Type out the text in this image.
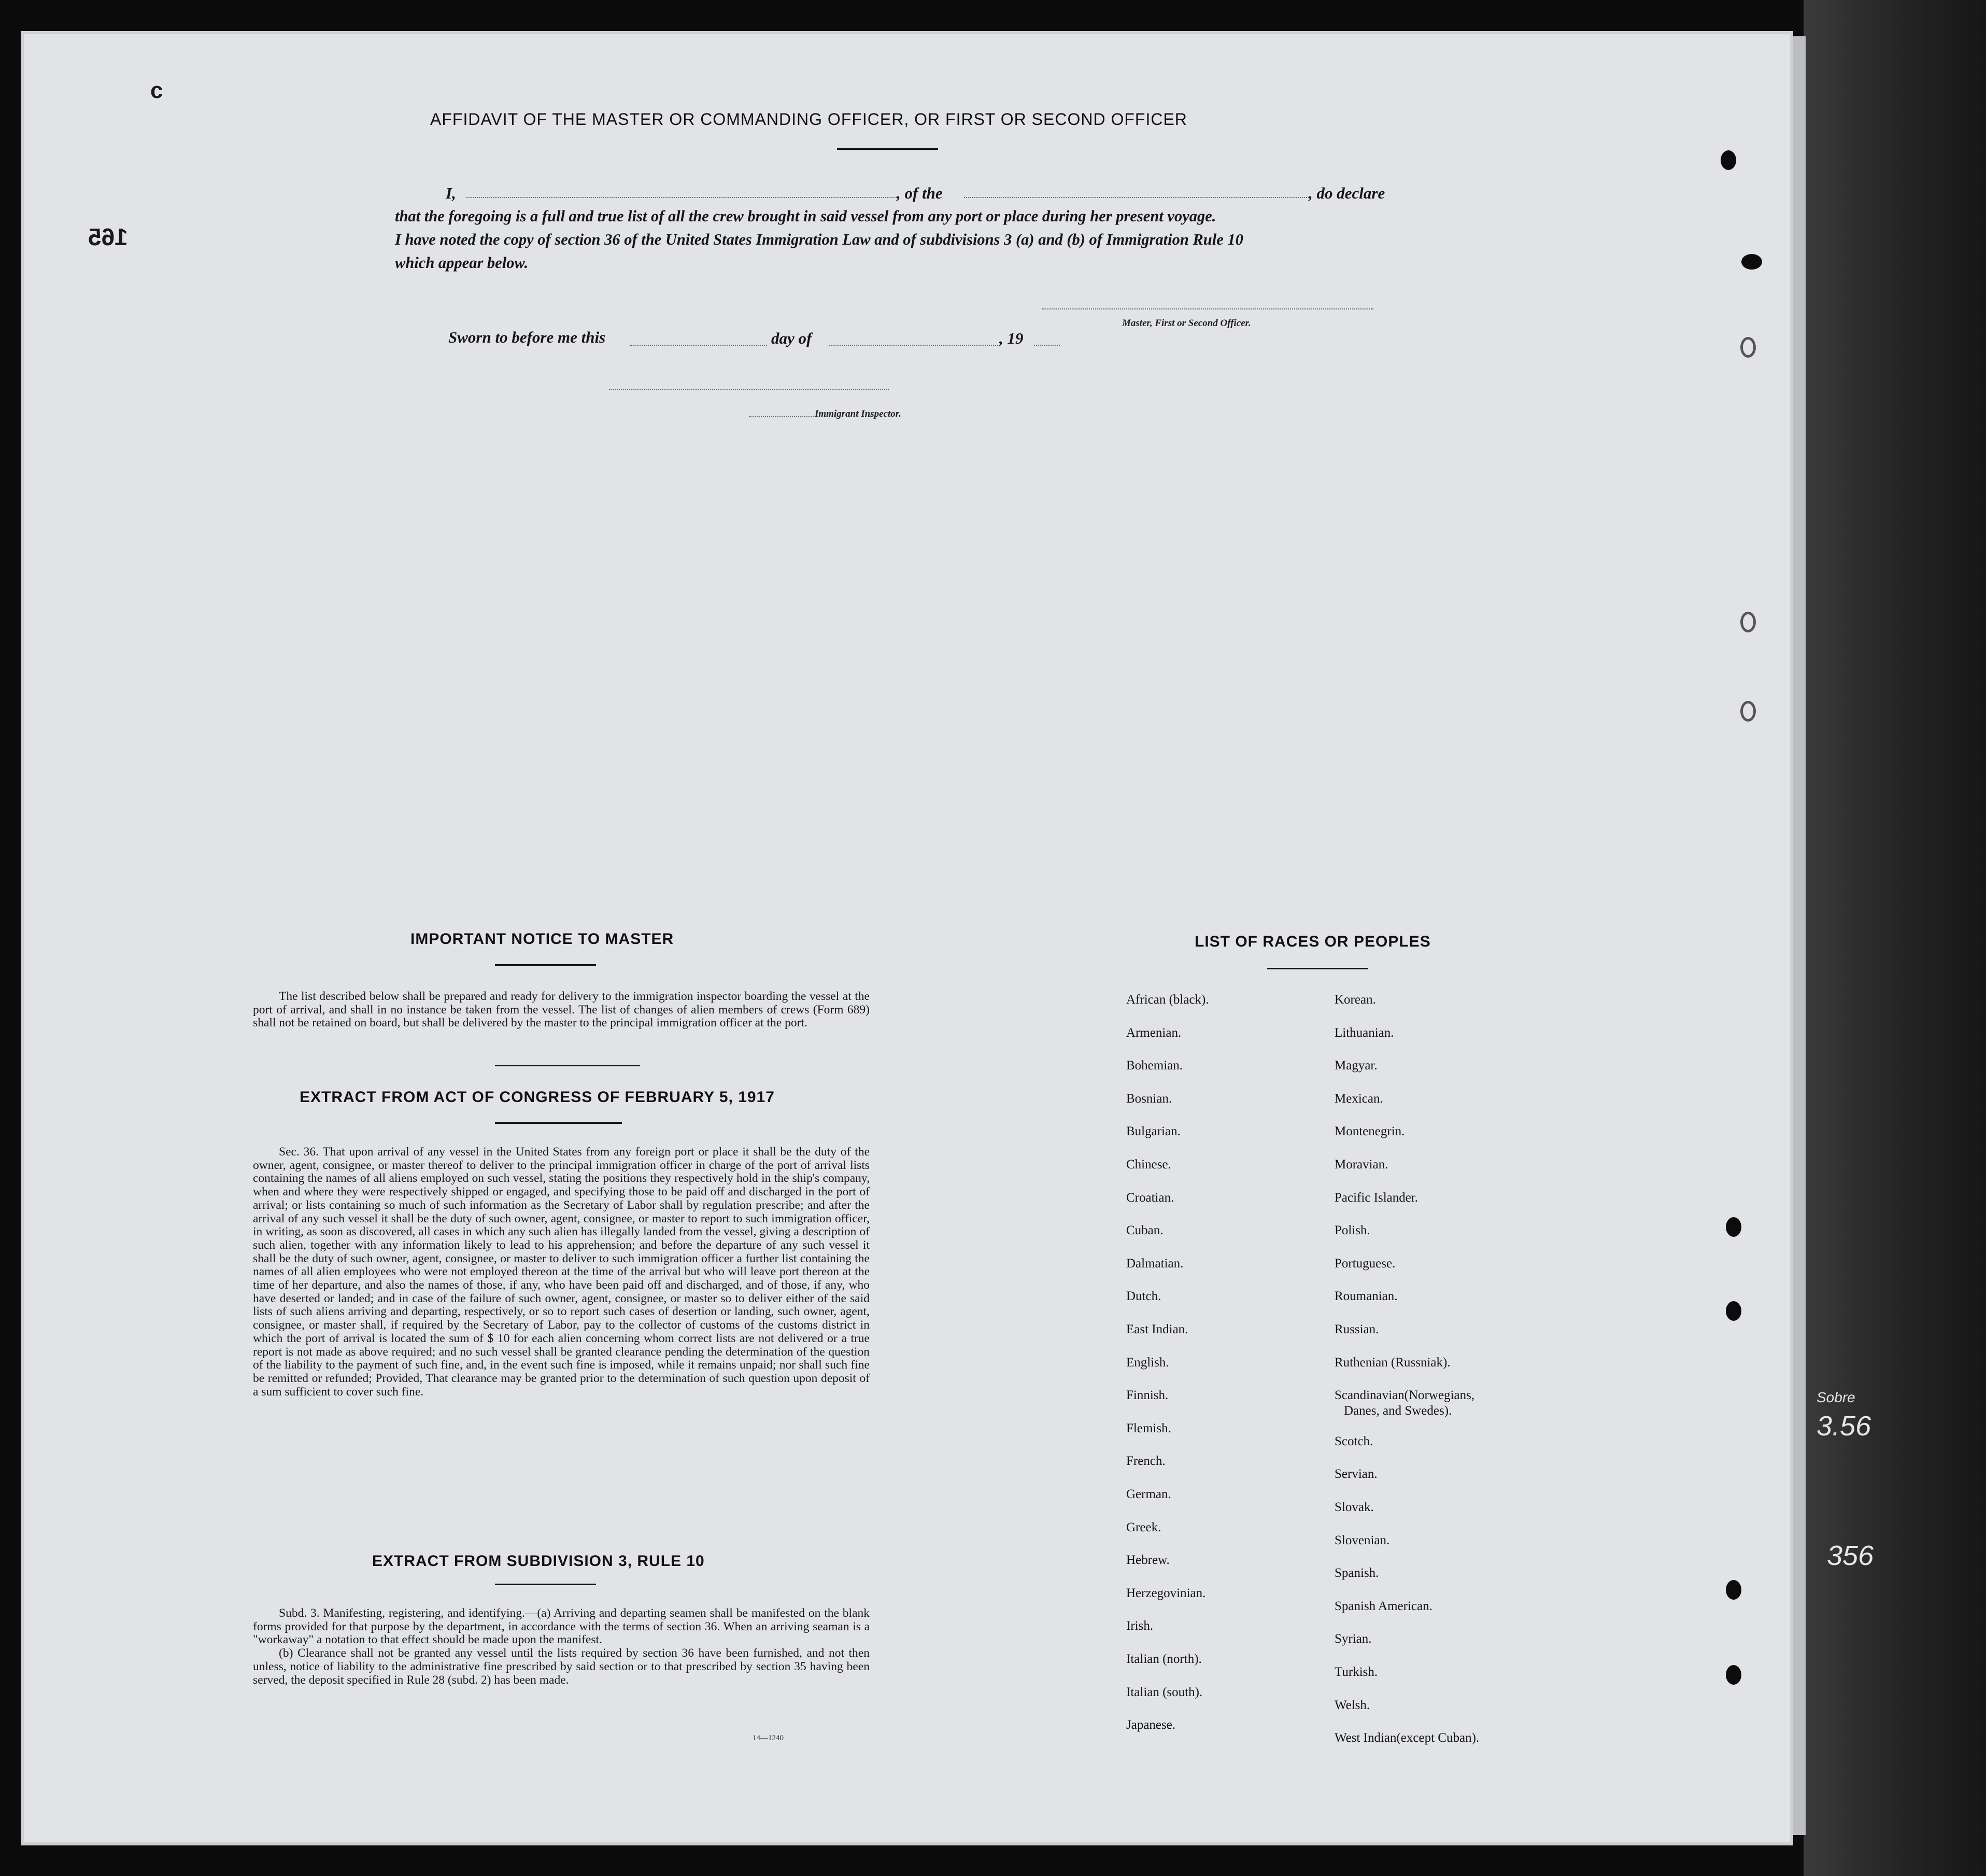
165
c
AFFIDAVIT OF THE MASTER OR COMMANDING OFFICER, OR FIRST OR SECOND OFFICER
I,	, of the	, do declare
that the foregoing is a full and true list of all the crew brought in said vessel from any port or place during her present voyage.
I have noted the copy of section 36 of the United States Immigration Law and of subdivisions 3 (a) and (b) of Immigration Rule 10
which appear below.
Master, First or Second Officer.
Sworn to before me this	day of	, 19
Immigrant Inspector.
IMPORTANT NOTICE TO MASTER

The list described below shall be prepared and ready for delivery to the immigration inspector boarding the vessel at the port of arrival, and shall in no instance be taken from the vessel. The list of changes of alien members of crews (Form 689) shall not be retained on board, but shall be delivered by the master to the principal immigration officer at the port.

EXTRACT FROM ACT OF CONGRESS OF FEBRUARY 5, 1917

Sec. 36. That upon arrival of any vessel in the United States from any foreign port or place it shall be the duty of the owner, agent, consignee, or master thereof to deliver to the principal immigration officer in charge of the port of arrival lists containing the names of all aliens employed on such vessel, stating the positions they respectively hold in the ship's company, when and where they were respectively shipped or engaged, and specifying those to be paid off and discharged in the port of arrival; or lists containing so much of such information as the Secretary of Labor shall by regulation prescribe; and after the arrival of any such vessel it shall be the duty of such owner, agent, consignee, or master to report to such immigration officer, in writing, as soon as discovered, all cases in which any such alien has illegally landed from the vessel, giving a description of such alien, together with any information likely to lead to his apprehension; and before the departure of any such vessel it shall be the duty of such owner, agent, consignee, or master to deliver to such immigration officer a further list containing the names of all alien employees who were not employed thereon at the time of the arrival but who will leave port thereon at the time of her departure, and also the names of those, if any, who have been paid off and discharged, and of those, if any, who have deserted or landed; and in case of the failure of such owner, agent, consignee, or master so to deliver either of the said lists of such aliens arriving and departing, respectively, or so to report such cases of desertion or landing, such owner, agent, consignee, or master shall, if required by the Secretary of Labor, pay to the collector of customs of the customs district in which the port of arrival is located the sum of $ 10 for each alien concerning whom correct lists are not delivered or a true report is not made as above required; and no such vessel shall be granted clearance pending the determination of the question of the liability to the payment of such fine, and, in the event such fine is imposed, while it remains unpaid; nor shall such fine be remitted or refunded; Provided, That clearance may be granted prior to the determination of such question upon deposit of a sum sufficient to cover such fine.

EXTRACT FROM SUBDIVISION 3, RULE 10

Subd. 3. Manifesting, registering, and identifying.—(a) Arriving and departing seamen shall be manifested on the blank forms provided for that purpose by the department, in accordance with the terms of section 36. When an arriving seaman is a "workaway" a notation to that effect should be made upon the manifest.

(b) Clearance shall not be granted any vessel until the lists required by section 36 have been furnished, and not then unless, notice of liability to the administrative fine prescribed by said section or to that prescribed by section 35 having been served, the deposit specified in Rule 28 (subd. 2) has been made.

14—1240
LIST OF RACES OR PEOPLES
African (black).
Armenian.
Bohemian.
Bosnian.
Bulgarian.
Chinese.
Croatian.
Cuban.
Dalmatian.
Dutch.
East Indian.
English.
Finnish.
Flemish.
French.
German.
Greek.
Hebrew.
Herzegovinian.
Irish.
Italian (north).
Italian (south).
Japanese.
Korean.
Lithuanian.
Magyar.
Mexican.
Montenegrin.
Moravian.
Pacific Islander.
Polish.
Portuguese.
Roumanian.
Russian.
Ruthenian (Russniak).
Scandinavian(Norwegians,
Danes, and Swedes).
Scotch.
Servian.
Slovak.
Slovenian.
Spanish.
Spanish American.
Syrian.
Turkish.
Welsh.
West Indian(except Cuban).
Sobre
3.56
356
